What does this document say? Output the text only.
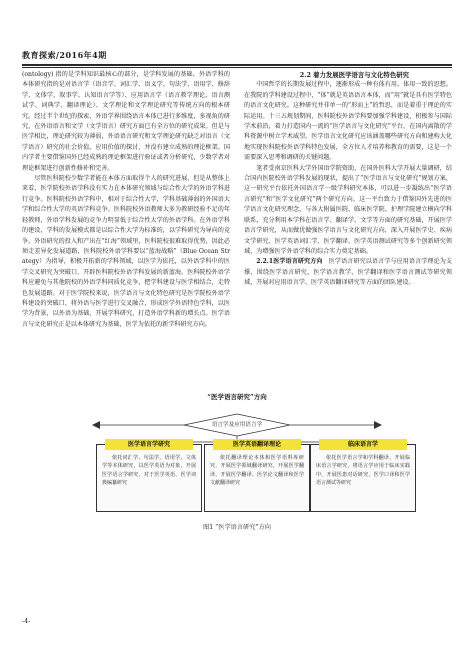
教育探索/2016年4期

(ontology) 指的是学科知识最核心的部分，是学科发展的基础。外语学科的本体研究指的是对语言学（语音学、词汇学、语义学、句法学、语用学、修辞学、文体学、叙事学、认知语言学等）、应用语言学（语言教学理论、语言测试学、词典学、翻译理论）、文学理论和文学理论研究等传统方向的根本研究。经过半个世纪的探索，外语学界围绕语言本体已进行多维度、多视角的研究，在外语语言和文学（文学语言）研究方面已有全方位的研究成果。但是与医学相比，理论研究较为薄弱，外语语言研究和文学理论研究缺乏对语言（文学语言）研究的社会价值、应用价值的探讨，并没有建立成熟的理论框架。国内学者主要借鉴国外已经成熟的理论框架进行验证或者分析研究，少数学者对理论框架进行创新性修补和完善。

尽管医科院校少数学者能在本体方面取得个人的研究进展，但是从整体上来看，医学院校外语学科没有实力在本体研究领域与综合性大学的外语学科进行竞争。医科院校外语学科中，相对于综合性大学，学科基础薄弱的外国语大学和综合性大学的英语学科竞争。医科院校外语教师大多为教研经验不足的年轻教师，外语学科发展的竞争力明显低于综合性大学的外语学科。在外语学科的建设，学科的发展模式都是以综合性大学为标准的，以学科研究为导向的竞争，外语研究的投入和产出在“红海”领域里，医科院校很难取得优势，因此必须走差异化发展道路，医科院校外语学科要以“蓝海战略”（Blue Ocean Strategy）为指导，积极开拓新的学科领域，以医学为依托，以外语学科中的医学交叉研究为突破口，开辟医科院校外语学科发展的新蓝海。医科院校外语学科应避免与其他院校的外语学科同质化竞争，把学科建设与医学相结合，走特色发展道路。对于医学院校来说，医学语言与文化特色研究是医学院校外语学科建设的突破口，将外语与医学进行交叉融合，形成医学外语特色学科，以医学为背景，以外语为基础，开展学科研究，打造外语学科新的增长点。医学语言与文化研究正是以本体研究为基础，医学为依托的新学科研究方向。

2.2 着力发展医学语言与文化特色研究

中国哲学的长期发展过程中，逐渐形成一种有体有用、体用一致的思想。在我院的学科建设过程中，“体”就是英语语言本体，而“用”就是具有医学特色的语言文化研究。这种研究并非单一的“形而上”的哲思，而是着重于理论的实际运用。十三五规划期间，医科院校外语学科要加强学科建设，积极参与国际学术前沿，着力打造国内一流的“医学语言与文化研究”平台，在国内离散的学科资源中树立学术威望。医学语言文化研究应该涵盖哪些研究方向和建构大化地实现医科院校外语学科特色发展，全方位人才培养和教育的需要，这是一个需要深入思考和调研的关键问题。

笔者受南京医科大学外国语学院资助，在国外医科大学开展大量调研，结合国内医院校外语学科发展的现状，提出了“医学语言与文化研究”规划方案，这一研究平台依托外国语言学一级学科研究本体，可以进一步凝练出“医学语言研究”和“医学文化研究”两个研究方向。这一平台致力于借鉴国外先进的医学语言文化研究理念，与各大附属医院、临床医学院、护理学院建立横向学科联系，充分利用本学科在语言学、翻译学、文学等方面的研究基础，开展医学语言学研究，从而做优做强医学语言与文化研究方向，深入开展医学史、疾病文学研究、医学英语词汇学、医学翻译、医学英语测试研究等多个创新研究领域，为增强医学外语学科的综合实力奠定基础。

2.2.1医学语言研究方向　医学语言研究以语言学与应用语言学理论为支撑，围绕医学语言研究、医学语言教学、医学翻译和医学语言测试等研究领域，开展对应用语言学、医学英语翻译研究等方面的团队建设。

“医学语言研究”方向
语言学及应用语言学
医学语言学研究
依托词汇学、句法学、语用学、文体学等本体研究，以医学英语为对象，开展医学语言学研究，对于医学英语、医学词典编纂研究
医学英语翻译理论
依托翻译理论本体和医学语料库研究，开展医学领域翻译研究，开展医学翻译，开展医学翻译、医学论文翻译和医学文献翻译研究
临床语言学
依托医学语言学和学科翻译，开展临床语言学研究，将语言学应用于临床实践中，开展医患对话研究，医学口译和医学语言测试等研究
图1 “医学语言研究”方向
-4-
